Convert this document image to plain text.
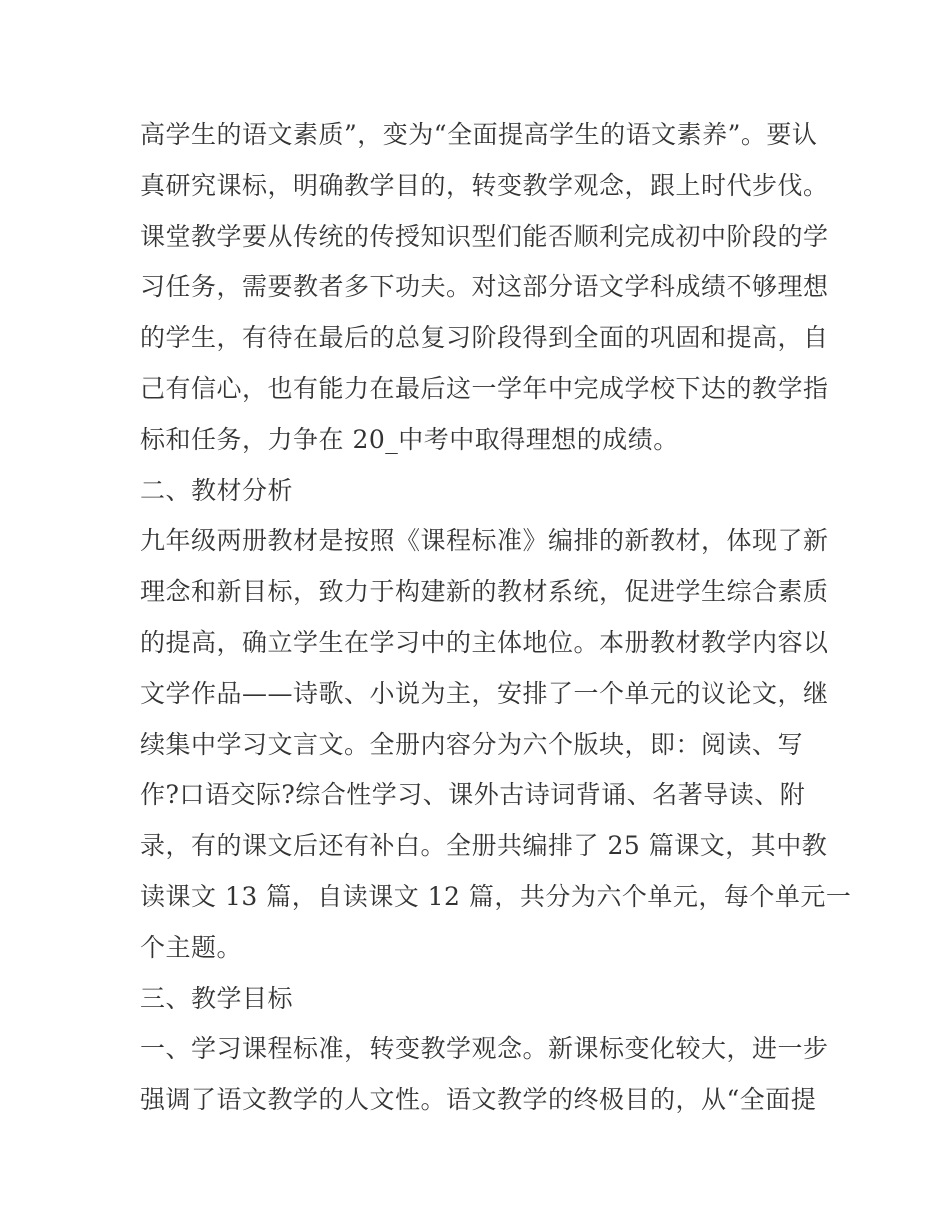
高学生的语文素质”，变为“全面提高学生的语文素养”。要认
真研究课标，明确教学目的，转变教学观念，跟上时代步伐。
课堂教学要从传统的传授知识型们能否顺利完成初中阶段的学
习任务，需要教者多下功夫。对这部分语文学科成绩不够理想
的学生，有待在最后的总复习阶段得到全面的巩固和提高，自
己有信心，也有能力在最后这一学年中完成学校下达的教学指
标和任务，力争在 20_中考中取得理想的成绩。
二、教材分析
九年级两册教材是按照《课程标准》编排的新教材，体现了新
理念和新目标，致力于构建新的教材系统，促进学生综合素质
的提高，确立学生在学习中的主体地位。本册教材教学内容以
文学作品——诗歌、小说为主，安排了一个单元的议论文，继
续集中学习文言文。全册内容分为六个版块，即：阅读、写
作?口语交际?综合性学习、课外古诗词背诵、名著导读、附
录，有的课文后还有补白。全册共编排了 25 篇课文，其中教
读课文 13 篇，自读课文 12 篇，共分为六个单元，每个单元一
个主题。
三、教学目标
一、学习课程标准，转变教学观念。新课标变化较大，进一步
强调了语文教学的人文性。语文教学的终极目的，从“全面提
